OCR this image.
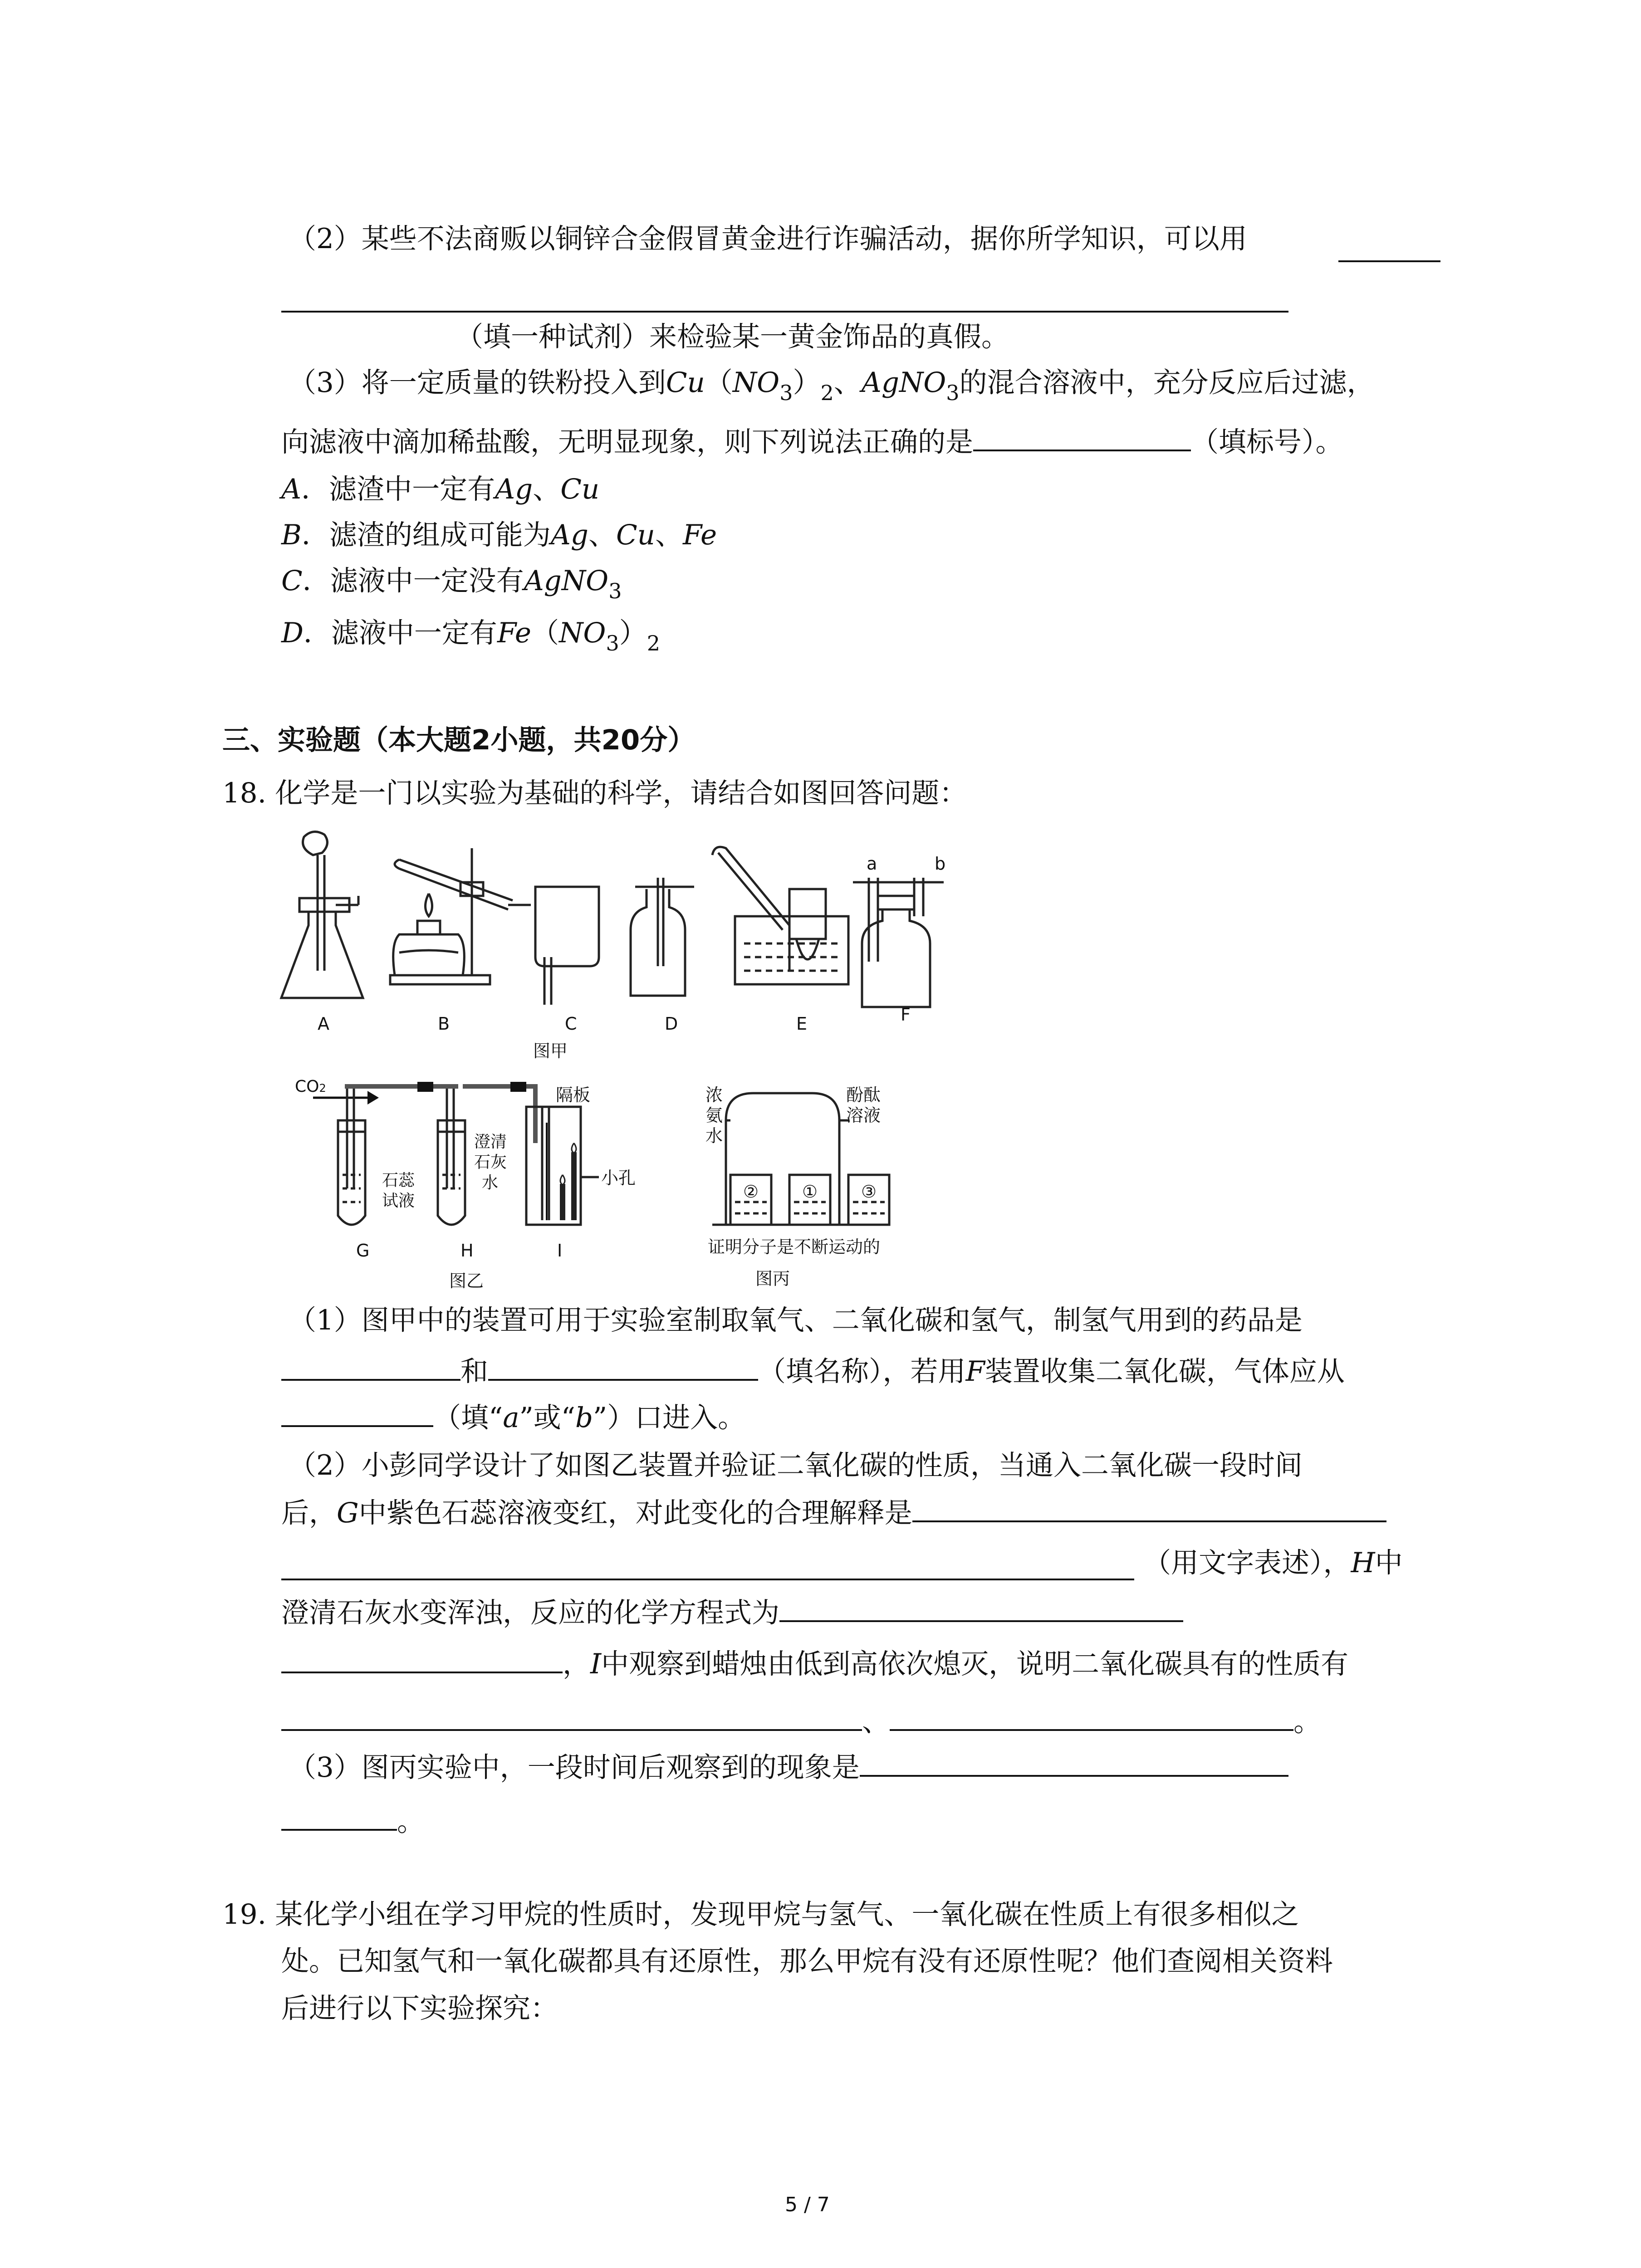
（2）某些不法商贩以铜锌合金假冒黄金进行诈骗活动，据你所学知识，可以用
（填一种试剂）来检验某一黄金饰品的真假。
（3）将一定质量的铁粉投入到$Cu(NO_3)_2$、AgNO$_3$的混合溶液中，充分反应后过滤，
向滤液中滴加稀盐酸，无明显现象，则下列说法正确的是	（填标号）。
A．滤渣中一定有Ag、Cu
B．滤渣的组成可能为Ag、Cu、Fe
C．滤液中一定没有AgNO$_3$
D．滤液中一定有$Fe(NO_3)_2$
三、实验题（本大题2小题，共20分）
18. 化学是一门以实验为基础的科学，请结合如图回答问题：
A	B	C	D	E	F
a	b
图甲
CO2	隔板
石蕊
试液
澄清
石灰
水	小孔
G	H	I
图乙
浓
氨
水
酚酞
溶液
②	①	③
证明分子是不断运动的
图丙
（1）图甲中的装置可用于实验室制取氧气、二氧化碳和氢气，制氢气用到的药品是
和	（填名称），若用F装置收集二氧化碳，气体应从
（填“a”或“b”）口进入。
（2）小彭同学设计了如图乙装置并验证二氧化碳的性质，当通入二氧化碳一段时间
后，G中紫色石蕊溶液变红，对此变化的合理解释是
（用文字表述），H中
澄清石灰水变浑浊，反应的化学方程式为
，I中观察到蜡烛由低到高依次熄灭，说明二氧化碳具有的性质有
、	。
（3）图丙实验中，一段时间后观察到的现象是
。
19. 某化学小组在学习甲烷的性质时，发现甲烷与氢气、一氧化碳在性质上有很多相似之
处。已知氢气和一氧化碳都具有还原性，那么甲烷有没有还原性呢？他们查阅相关资料
后进行以下实验探究：
5 / 7
